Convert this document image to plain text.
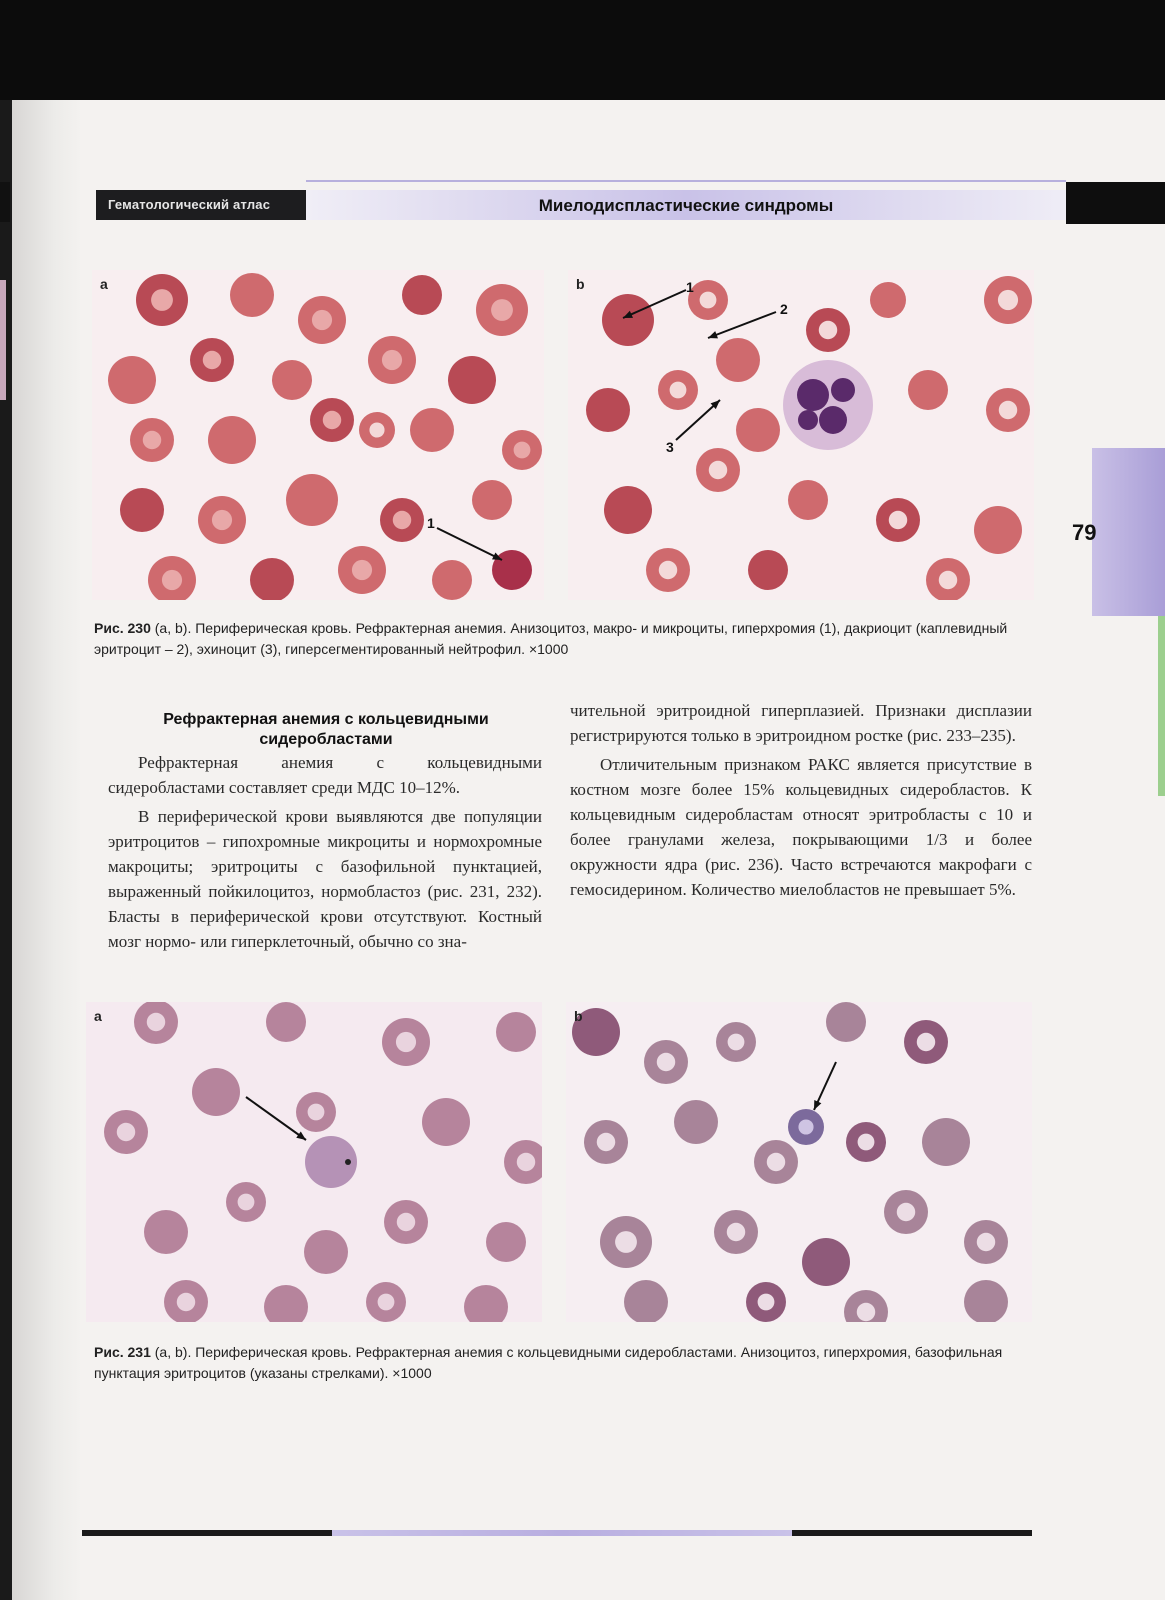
Гематологический атлас	Миелодиспластические синдромы
79
1
a	1
2
3
b
Рис. 230 (a, b). Периферическая кровь. Рефрактерная анемия. Анизоцитоз, макро- и микроциты, гиперхромия (1), дакриоцит (каплевидный эритроцит – 2), эхиноцит (3), гиперсегментированный нейтрофил. ×1000
Рефрактерная анемия с кольцевидными сидеробластами

Рефрактерная анемия с кольцевидными сидеробластами составляет среди МДС 10–12%.

В периферической крови выявляются две популяции эритроцитов – гипохромные микроциты и нормохромные макроциты; эритроциты с базофильной пунктацией, выраженный пойкилоцитоз, нормобластоз (рис. 231, 232). Бласты в периферической крови отсутствуют. Костный мозг нормо- или гиперклеточный, обычно со зна-

чительной эритроидной гиперплазией. Признаки дисплазии регистрируются только в эритроидном ростке (рис. 233–235).

Отличительным признаком РАКС является присутствие в костном мозге более 15% кольцевидных сидеробластов. К кольцевидным сидеробластам относят эритробласты с 10 и более гранулами железа, покрывающими 1/3 и более окружности ядра (рис. 236). Часто встречаются макрофаги с гемосидерином. Количество миелобластов не превышает 5%.

a	b
Рис. 231 (a, b). Периферическая кровь. Рефрактерная анемия с кольцевидными сидеробластами. Анизоцитоз, гиперхромия, базофильная пунктация эритроцитов (указаны стрелками). ×1000
